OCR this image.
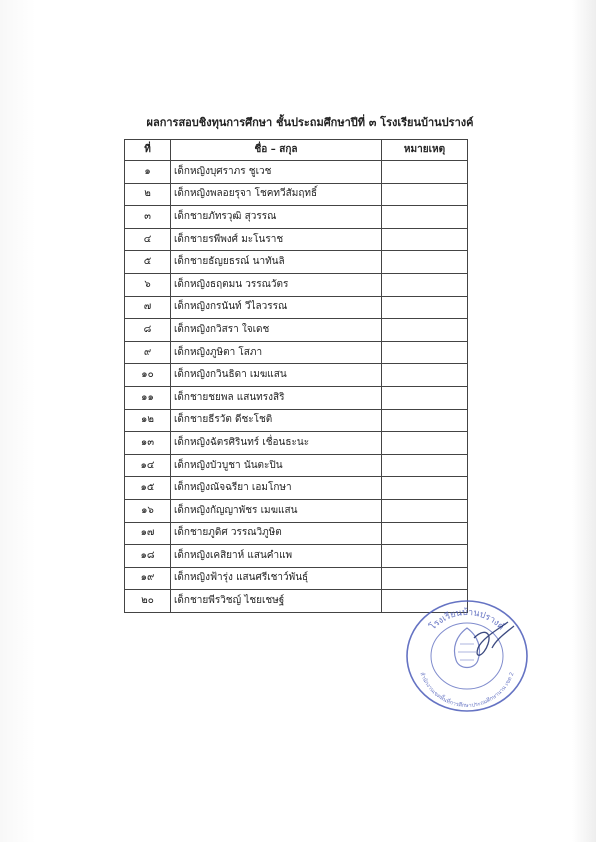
ผลการสอบชิงทุนการศึกษา ชั้นประถมศึกษาปีที่ ๓ โรงเรียนบ้านปรางค์
ที่	ชื่อ – สกุล	หมายเหตุ
๑	เด็กหญิงบุศราภร ชูเวช	
๒	เด็กหญิงพลอยรุจา โชคทวีสัมฤทธิ์	
๓	เด็กชายภัทรวุฒิ สุวรรณ	
๔	เด็กชายรพีพงศ์ มะโนราช	
๕	เด็กชายธัญยธรณ์ นาทันลิ	
๖	เด็กหญิงธฤตมน วรรณวัตร	
๗	เด็กหญิงกรนันท์ วีไลวรรณ	
๘	เด็กหญิงกวิสรา ใจเดช	
๙	เด็กหญิงภูษิตา โสภา	
๑๐	เด็กหญิงกวินธิดา เมฆแสน	
๑๑	เด็กชายชยพล แสนทรงสิริ	
๑๒	เด็กชายธีรวัต ดีชะโชติ	
๑๓	เด็กหญิงฉัตรศิรินทร์ เชื่อนธะนะ	
๑๔	เด็กหญิงบัวบูชา นันตะปิน	
๑๕	เด็กหญิงณัจฉรียา เอมโกษา	
๑๖	เด็กหญิงกัญญาพัชร เมฆแสน	
๑๗	เด็กชายภูดิศ วรรณวิภูษิต	
๑๘	เด็กหญิงเคสิยาห์ แสนคำแพ	
๑๙	เด็กหญิงฟ้ารุ่ง แสนศรีเชาว์พันธุ์	
๒๐	เด็กชายพีรวิชญ์ ไชยเชษฐ์	
โรงเรียนบ้านปรางค์
สำนักงานเขตพื้นที่การศึกษาประถมศึกษานาน เขต 2
